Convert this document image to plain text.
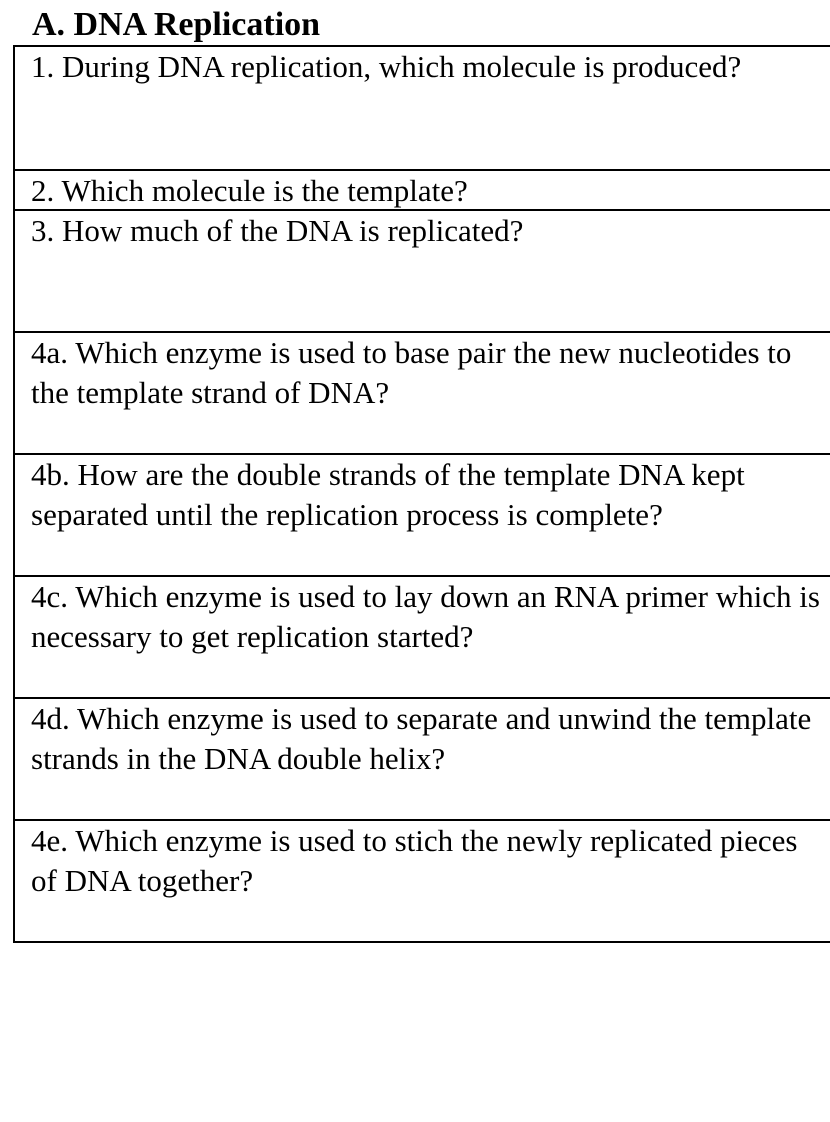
A. DNA Replication
1. During DNA replication, which molecule is produced?
2. Which molecule is the template?
3. How much of the DNA is replicated?
4a. Which enzyme is used to base pair the new nucleotides to the template strand of DNA?
4b. How are the double strands of the template DNA kept separated until the replication process is complete?
4c. Which enzyme is used to lay down an RNA primer which is necessary to get replication started?
4d. Which enzyme is used to separate and unwind the template strands in the DNA double helix?
4e. Which enzyme is used to stich the newly replicated pieces of DNA together?
